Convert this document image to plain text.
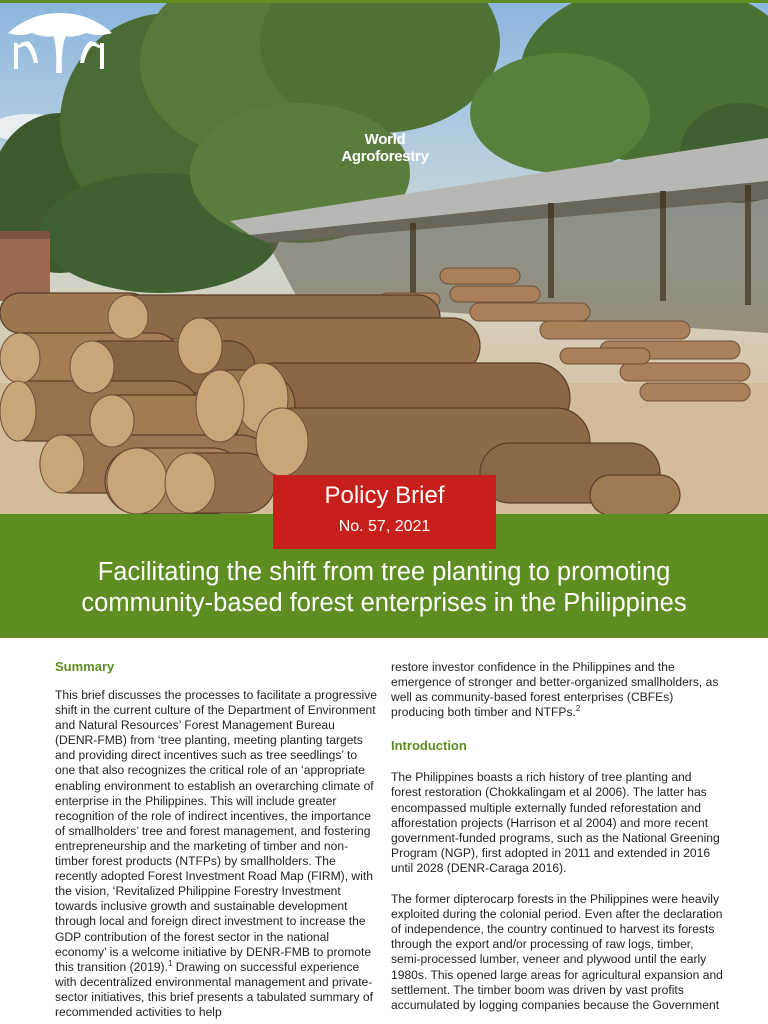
World
Agroforestry
Policy Brief
No. 57, 2021
Facilitating the shift from tree planting to promoting
community-based forest enterprises in the Philippines
Summary

This brief discusses the processes to facilitate a progressive shift in the current culture of the Department of Environment and Natural Resources’ Forest Management Bureau (DENR-FMB) from ‘tree planting, meeting planting targets and providing direct incentives such as tree seedlings’ to one that also recognizes the critical role of an ‘appropriate enabling environment to establish an overarching climate of enterprise in the Philippines. This will include greater recognition of the role of indirect incentives, the importance of smallholders’ tree and forest management, and fostering entrepreneurship and the marketing of timber and non-timber forest products (NTFPs) by smallholders. The recently adopted Forest Investment Road Map (FIRM), with the vision, ‘Revitalized Philippine Forestry Investment towards inclusive growth and sustainable development through local and foreign direct investment to increase the GDP contribution of the forest sector in the national economy’ is a welcome initiative by DENR-FMB to promote this transition (2019).$^1$ Drawing on successful experience with decentralized environmental management and private-sector initiatives, this brief presents a tabulated summary of recommended activities to help

restore investor confidence in the Philippines and the emergence of stronger and better-organized smallholders, as well as community-based forest enterprises (CBFEs) producing both timber and NTFPs.$^2$

Introduction

The Philippines boasts a rich history of tree planting and forest restoration (Chokkalingam et al 2006). The latter has encompassed multiple externally funded reforestation and afforestation projects (Harrison et al 2004) and more recent government-funded programs, such as the National Greening Program (NGP), first adopted in 2011 and extended in 2016 until 2028 (DENR-Caraga 2016).

The former dipterocarp forests in the Philippines were heavily exploited during the colonial period. Even after the declaration of independence, the country continued to harvest its forests through the export and/or processing of raw logs, timber, semi-processed lumber, veneer and plywood until the early 1980s. This opened large areas for agricultural expansion and settlement. The timber boom was driven by vast profits accumulated by logging companies because the Government
